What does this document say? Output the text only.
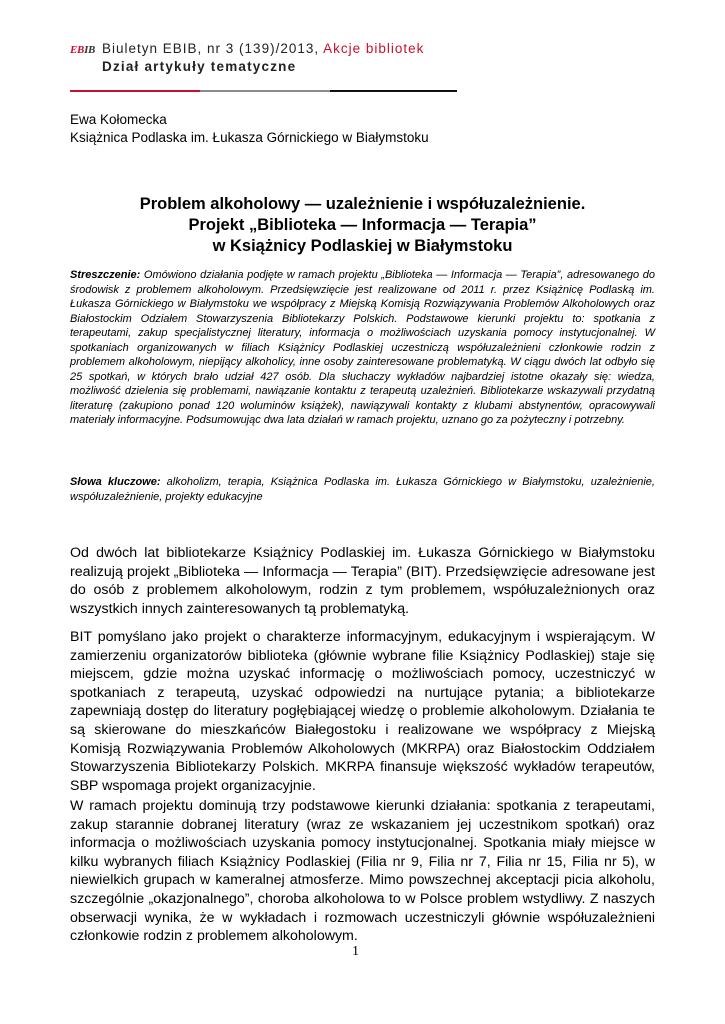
EBIB Biuletyn EBIB, nr 3 (139)/2013, Akcje bibliotek
Dział artykuły tematyczne
Ewa Kołomecka
Książnica Podlaska im. Łukasza Górnickiego w Białymstoku
Problem alkoholowy — uzależnienie i współuzależnienie.
Projekt „Biblioteka — Informacja — Terapia”
w Książnicy Podlaskiej w Białymstoku
Streszczenie: Omówiono działania podjęte w ramach projektu „Biblioteka — Informacja — Terapia”, adresowanego do środowisk z problemem alkoholowym. Przedsięwzięcie jest realizowane od 2011 r. przez Książnicę Podlaską im. Łukasza Górnickiego w Białymstoku we współpracy z Miejską Komisją Rozwiązywania Problemów Alkoholowych oraz Białostockim Odziałem Stowarzyszenia Bibliotekarzy Polskich. Podstawowe kierunki projektu to: spotkania z terapeutami, zakup specjalistycznej literatury, informacja o możliwościach uzyskania pomocy instytucjonalnej. W spotkaniach organizowanych w filiach Książnicy Podlaskiej uczestniczą współuzależnieni członkowie rodzin z problemem alkoholowym, niepijący alkoholicy, inne osoby zainteresowane problematyką. W ciągu dwóch lat odbyło się 25 spotkań, w których brało udział 427 osób. Dla słuchaczy wykładów najbardziej istotne okazały się: wiedza, możliwość dzielenia się problemami, nawiązanie kontaktu z terapeutą uzależnień. Bibliotekarze wskazywali przydatną literaturę (zakupiono ponad 120 woluminów książek), nawiązywali kontakty z klubami abstynentów, opracowywali materiały informacyjne. Podsumowując dwa lata działań w ramach projektu, uznano go za pożyteczny i potrzebny.
Słowa kluczowe: alkoholizm, terapia, Książnica Podlaska im. Łukasza Górnickiego w Białymstoku, uzależnienie, współuzależnienie, projekty edukacyjne
Od dwóch lat bibliotekarze Książnicy Podlaskiej im. Łukasza Górnickiego w Białymstoku realizują projekt „Biblioteka — Informacja — Terapia” (BIT). Przedsięwzięcie adresowane jest do osób z problemem alkoholowym, rodzin z tym problemem, współuzależnionych oraz wszystkich innych zainteresowanych tą problematyką.
BIT pomyślano jako projekt o charakterze informacyjnym, edukacyjnym i wspierającym. W zamierzeniu organizatorów biblioteka (głównie wybrane filie Książnicy Podlaskiej) staje się miejscem, gdzie można uzyskać informację o możliwościach pomocy, uczestniczyć w spotkaniach z terapeutą, uzyskać odpowiedzi na nurtujące pytania; a bibliotekarze zapewniają dostęp do literatury pogłębiającej wiedzę o problemie alkoholowym. Działania te są skierowane do mieszkańców Białegostoku i realizowane we współpracy z Miejską Komisją Rozwiązywania Problemów Alkoholowych (MKRPA) oraz Białostockim Oddziałem Stowarzyszenia Bibliotekarzy Polskich. MKRPA finansuje większość wykładów terapeutów, SBP wspomaga projekt organizacyjnie.
W ramach projektu dominują trzy podstawowe kierunki działania: spotkania z terapeutami, zakup starannie dobranej literatury (wraz ze wskazaniem jej uczestnikom spotkań) oraz informacja o możliwościach uzyskania pomocy instytucjonalnej. Spotkania miały miejsce w kilku wybranych filiach Książnicy Podlaskiej (Filia nr 9, Filia nr 7, Filia nr 15, Filia nr 5), w niewielkich grupach w kameralnej atmosferze. Mimo powszechnej akceptacji picia alkoholu, szczególnie „okazjonalnego”, choroba alkoholowa to w Polsce problem wstydliwy. Z naszych obserwacji wynika, że w wykładach i rozmowach uczestniczyli głównie współuzależnieni członkowie rodzin z problemem alkoholowym.
1
